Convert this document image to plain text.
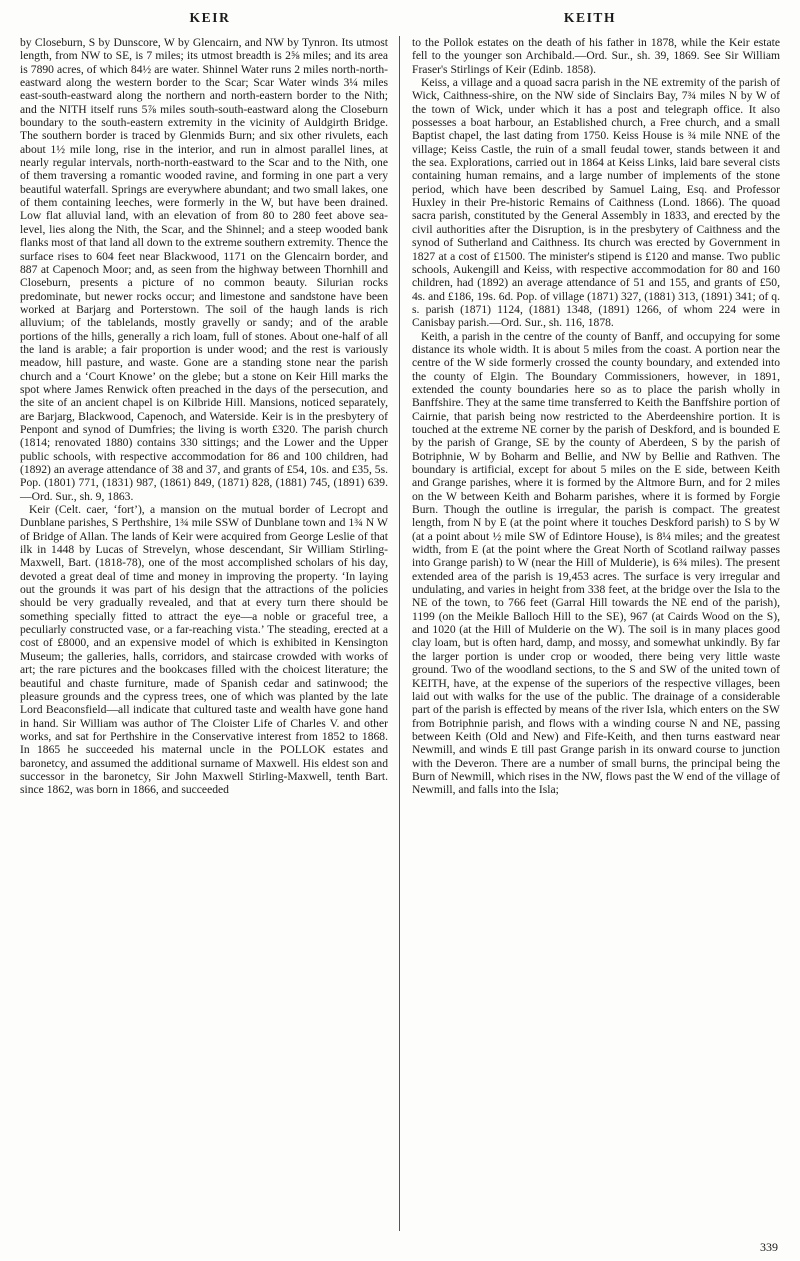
KEIR	KEITH

by Closeburn, S by Dunscore, W by Glencairn, and NW by Tynron. Its utmost length, from NW to SE, is 7 miles; its utmost breadth is 2⅝ miles; and its area is 7890 acres, of which 84½ are water. Shinnel Water runs 2 miles north-north-eastward along the western border to the Scar; Scar Water winds 3¼ miles east-south-eastward along the northern and north-eastern border to the Nith; and the NITH itself runs 5⅞ miles south-south-eastward along the Closeburn boundary to the south-eastern extremity in the vicinity of Auldgirth Bridge. The southern border is traced by Glenmids Burn; and six other rivulets, each about 1½ mile long, rise in the interior, and run in almost parallel lines, at nearly regular intervals, north-north-eastward to the Scar and to the Nith, one of them traversing a romantic wooded ravine, and forming in one part a very beautiful waterfall. Springs are everywhere abundant; and two small lakes, one of them containing leeches, were formerly in the W, but have been drained. Low flat alluvial land, with an elevation of from 80 to 280 feet above sea-level, lies along the Nith, the Scar, and the Shinnel; and a steep wooded bank flanks most of that land all down to the extreme southern extremity. Thence the surface rises to 604 feet near Blackwood, 1171 on the Glencairn border, and 887 at Capenoch Moor; and, as seen from the highway between Thornhill and Closeburn, presents a picture of no common beauty. Silurian rocks predominate, but newer rocks occur; and limestone and sandstone have been worked at Barjarg and Porterstown. The soil of the haugh lands is rich alluvium; of the tablelands, mostly gravelly or sandy; and of the arable portions of the hills, generally a rich loam, full of stones. About one-half of all the land is arable; a fair proportion is under wood; and the rest is variously meadow, hill pasture, and waste. Gone are a standing stone near the parish church and a ‘Court Knowe’ on the glebe; but a stone on Keir Hill marks the spot where James Renwick often preached in the days of the persecution, and the site of an ancient chapel is on Kilbride Hill. Mansions, noticed separately, are Barjarg, Blackwood, Capenoch, and Waterside. Keir is in the presbytery of Penpont and synod of Dumfries; the living is worth £320. The parish church (1814; renovated 1880) contains 330 sittings; and the Lower and the Upper public schools, with respective accommodation for 86 and 100 children, had (1892) an average attendance of 38 and 37, and grants of £54, 10s. and £35, 5s. Pop. (1801) 771, (1831) 987, (1861) 849, (1871) 828, (1881) 745, (1891) 639.—Ord. Sur., sh. 9, 1863.

Keir (Celt. caer, ‘fort’), a mansion on the mutual border of Lecropt and Dunblane parishes, S Perthshire, 1¾ mile SSW of Dunblane town and 1¾ N W of Bridge of Allan. The lands of Keir were acquired from George Leslie of that ilk in 1448 by Lucas of Strevelyn, whose descendant, Sir William Stirling-Maxwell, Bart. (1818-78), one of the most accomplished scholars of his day, devoted a great deal of time and money in improving the property. ‘In laying out the grounds it was part of his design that the attractions of the policies should be very gradually revealed, and that at every turn there should be something specially fitted to attract the eye—a noble or graceful tree, a peculiarly constructed vase, or a far-reaching vista.’ The steading, erected at a cost of £8000, and an expensive model of which is exhibited in Kensington Museum; the galleries, halls, corridors, and staircase crowded with works of art; the rare pictures and the bookcases filled with the choicest literature; the beautiful and chaste furniture, made of Spanish cedar and satinwood; the pleasure grounds and the cypress trees, one of which was planted by the late Lord Beaconsfield—all indicate that cultured taste and wealth have gone hand in hand. Sir William was author of The Cloister Life of Charles V. and other works, and sat for Perthshire in the Conservative interest from 1852 to 1868. In 1865 he succeeded his maternal uncle in the POLLOK estates and baronetcy, and assumed the additional surname of Maxwell. His eldest son and successor in the baronetcy, Sir John Maxwell Stirling-Maxwell, tenth Bart. since 1862, was born in 1866, and succeeded

to the Pollok estates on the death of his father in 1878, while the Keir estate fell to the younger son Archibald.—Ord. Sur., sh. 39, 1869. See Sir William Fraser's Stirlings of Keir (Edinb. 1858).

Keiss, a village and a quoad sacra parish in the NE extremity of the parish of Wick, Caithness-shire, on the NW side of Sinclairs Bay, 7¾ miles N by W of the town of Wick, under which it has a post and telegraph office. It also possesses a boat harbour, an Established church, a Free church, and a small Baptist chapel, the last dating from 1750. Keiss House is ¾ mile NNE of the village; Keiss Castle, the ruin of a small feudal tower, stands between it and the sea. Explorations, carried out in 1864 at Keiss Links, laid bare several cists containing human remains, and a large number of implements of the stone period, which have been described by Samuel Laing, Esq. and Professor Huxley in their Pre-historic Remains of Caithness (Lond. 1866). The quoad sacra parish, constituted by the General Assembly in 1833, and erected by the civil authorities after the Disruption, is in the presbytery of Caithness and the synod of Sutherland and Caithness. Its church was erected by Government in 1827 at a cost of £1500. The minister's stipend is £120 and manse. Two public schools, Aukengill and Keiss, with respective accommodation for 80 and 160 children, had (1892) an average attendance of 51 and 155, and grants of £50, 4s. and £186, 19s. 6d. Pop. of village (1871) 327, (1881) 313, (1891) 341; of q. s. parish (1871) 1124, (1881) 1348, (1891) 1266, of whom 224 were in Canisbay parish.—Ord. Sur., sh. 116, 1878.

Keith, a parish in the centre of the county of Banff, and occupying for some distance its whole width. It is about 5 miles from the coast. A portion near the centre of the W side formerly crossed the county boundary, and extended into the county of Elgin. The Boundary Commissioners, however, in 1891, extended the county boundaries here so as to place the parish wholly in Banffshire. They at the same time transferred to Keith the Banffshire portion of Cairnie, that parish being now restricted to the Aberdeenshire portion. It is touched at the extreme NE corner by the parish of Deskford, and is bounded E by the parish of Grange, SE by the county of Aberdeen, S by the parish of Botriphnie, W by Boharm and Bellie, and NW by Bellie and Rathven. The boundary is artificial, except for about 5 miles on the E side, between Keith and Grange parishes, where it is formed by the Altmore Burn, and for 2 miles on the W between Keith and Boharm parishes, where it is formed by Forgie Burn. Though the outline is irregular, the parish is compact. The greatest length, from N by E (at the point where it touches Deskford parish) to S by W (at a point about ½ mile SW of Edintore House), is 8¼ miles; and the greatest width, from E (at the point where the Great North of Scotland railway passes into Grange parish) to W (near the Hill of Mulderie), is 6¾ miles). The present extended area of the parish is 19,453 acres. The surface is very irregular and undulating, and varies in height from 338 feet, at the bridge over the Isla to the NE of the town, to 766 feet (Garral Hill towards the NE end of the parish), 1199 (on the Meikle Balloch Hill to the SE), 967 (at Cairds Wood on the S), and 1020 (at the Hill of Mulderie on the W). The soil is in many places good clay loam, but is often hard, damp, and mossy, and somewhat unkindly. By far the larger portion is under crop or wooded, there being very little waste ground. Two of the woodland sections, to the S and SW of the united town of KEITH, have, at the expense of the superiors of the respective villages, been laid out with walks for the use of the public. The drainage of a considerable part of the parish is effected by means of the river Isla, which enters on the SW from Botriphnie parish, and flows with a winding course N and NE, passing between Keith (Old and New) and Fife-Keith, and then turns eastward near Newmill, and winds E till past Grange parish in its onward course to junction with the Deveron. There are a number of small burns, the principal being the Burn of Newmill, which rises in the NW, flows past the W end of the village of Newmill, and falls into the Isla;

339
